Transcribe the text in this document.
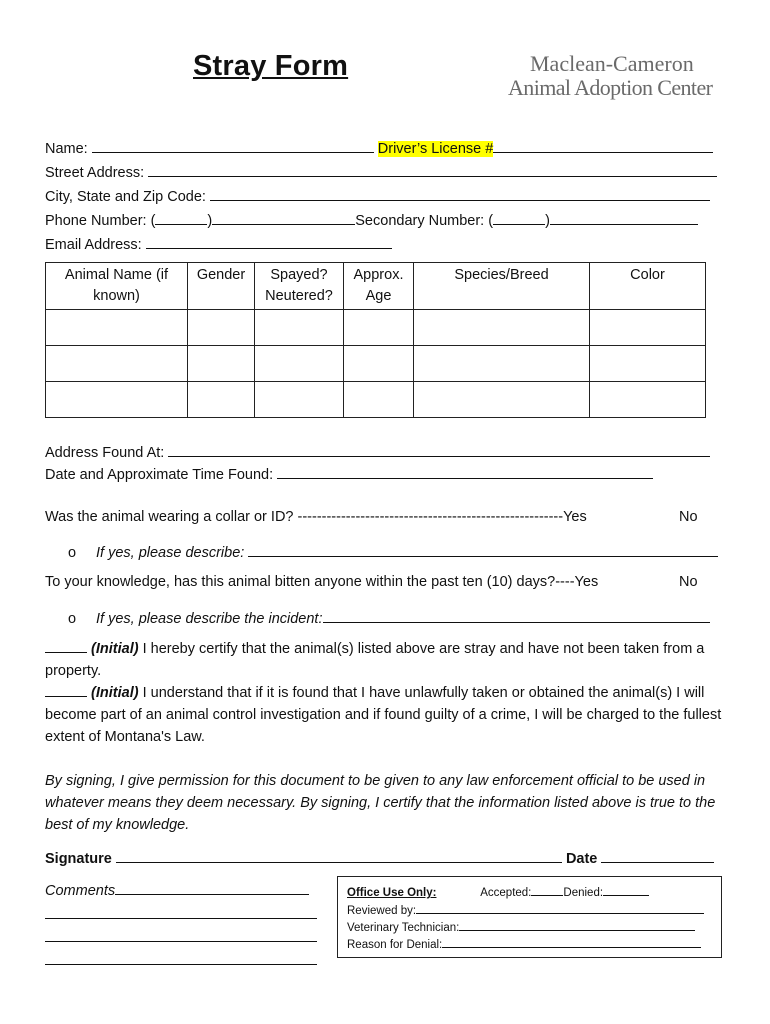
Stray Form	Maclean-Cameron
Animal Adoption Center
Name:	Driver’s License #
Street Address:
City, State and Zip Code:
Phone Number: (	)	Secondary Number: (	)
Email Address:
Animal Name (if known)	Gender	Spayed? Neutered?	Approx. Age	Species/Breed	Color

Address Found At:
Date and Approximate Time Found:
Was the animal wearing a collar or ID? -------------------------------------------------------Yes	No
o If yes, please describe:
To your knowledge, has this animal bitten anyone within the past ten (10) days?----Yes	No
o If yes, please describe the incident:
(Initial) I hereby certify that the animal(s) listed above are stray and have not been taken from a property.
(Initial) I understand that if it is found that I have unlawfully taken or obtained the animal(s) I will become part of an animal control investigation and if found guilty of a crime, I will be charged to the fullest extent of Montana's Law.
By signing, I give permission for this document to be given to any law enforcement official to be used in whatever means they deem necessary. By signing, I certify that the information listed above is true to the best of my knowledge.
Signature	Date
Comments	Office Use Only:	Accepted:	Denied:
Reviewed by:
Veterinary Technician:
Reason for Denial:
